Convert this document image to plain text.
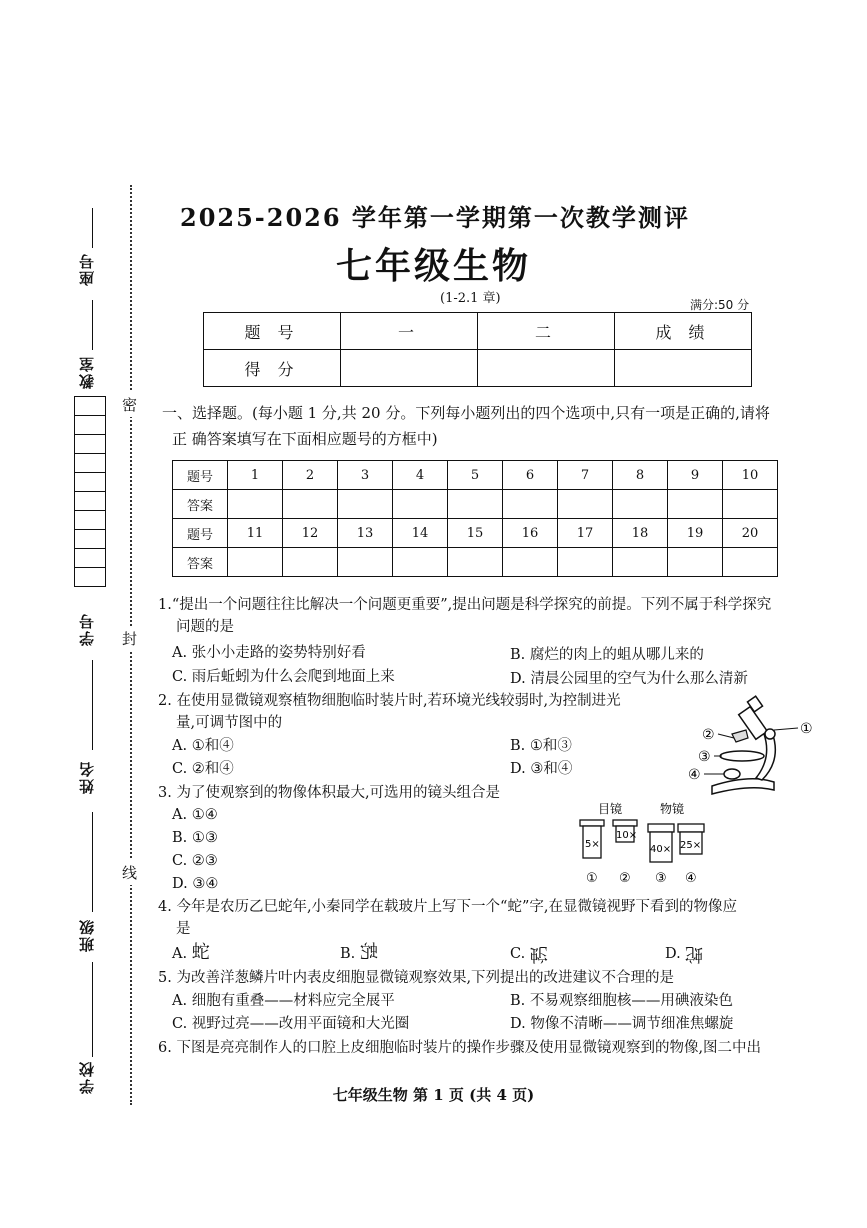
座号
教室

学号
姓名
班级
学校
密
封
线
2025-2026 学年第一学期第一次教学测评
七年级生物
(1-2.1 章)	满分:50 分
题 号	一	二	成 绩
得 分			
一、选择题。(每小题 1 分,共 20 分。下列每小题列出的四个选项中,只有一项是正确的,请将
正 确答案填写在下面相应题号的方框中)
题号	1	2	3	4	5	6	7	8	9	10
答案										
题号	11	12	13	14	15	16	17	18	19	20
答案										
1.“提出一个问题往往比解决一个问题更重要”,提出问题是科学探究的前提。下列不属于科学探究
问题的是
A. 张小小走路的姿势特别好看	B. 腐烂的肉上的蛆从哪儿来的
C. 雨后蚯蚓为什么会爬到地面上来	D. 清晨公园里的空气为什么那么清新
2. 在使用显微镜观察植物细胞临时装片时,若环境光线较弱时,为控制进光
量,可调节图中的
A. ①和④	B. ①和③
C. ②和④	D. ③和④
①
②
③
④
3. 为了使观察到的物像体积最大,可选用的镜头组合是
A. ①④
B. ①③
C. ②③
D. ③④
目镜	物镜
5×
10×
40× 25×
① ② ③ ④
4. 今年是农历乙巳蛇年,小秦同学在载玻片上写下一个“蛇”字,在显微镜视野下看到的物像应
是
A. 蛇	B. 蛇	C. 蛇	D. 蛇
5. 为改善洋葱鳞片叶内表皮细胞显微镜观察效果,下列提出的改进建议不合理的是
A. 细胞有重叠——材料应完全展平	B. 不易观察细胞核——用碘液染色
C. 视野过亮——改用平面镜和大光圈	D. 物像不清晰——调节细准焦螺旋
6. 下图是亮亮制作人的口腔上皮细胞临时装片的操作步骤及使用显微镜观察到的物像,图二中出
七年级生物 第 1 页 (共 4 页)
